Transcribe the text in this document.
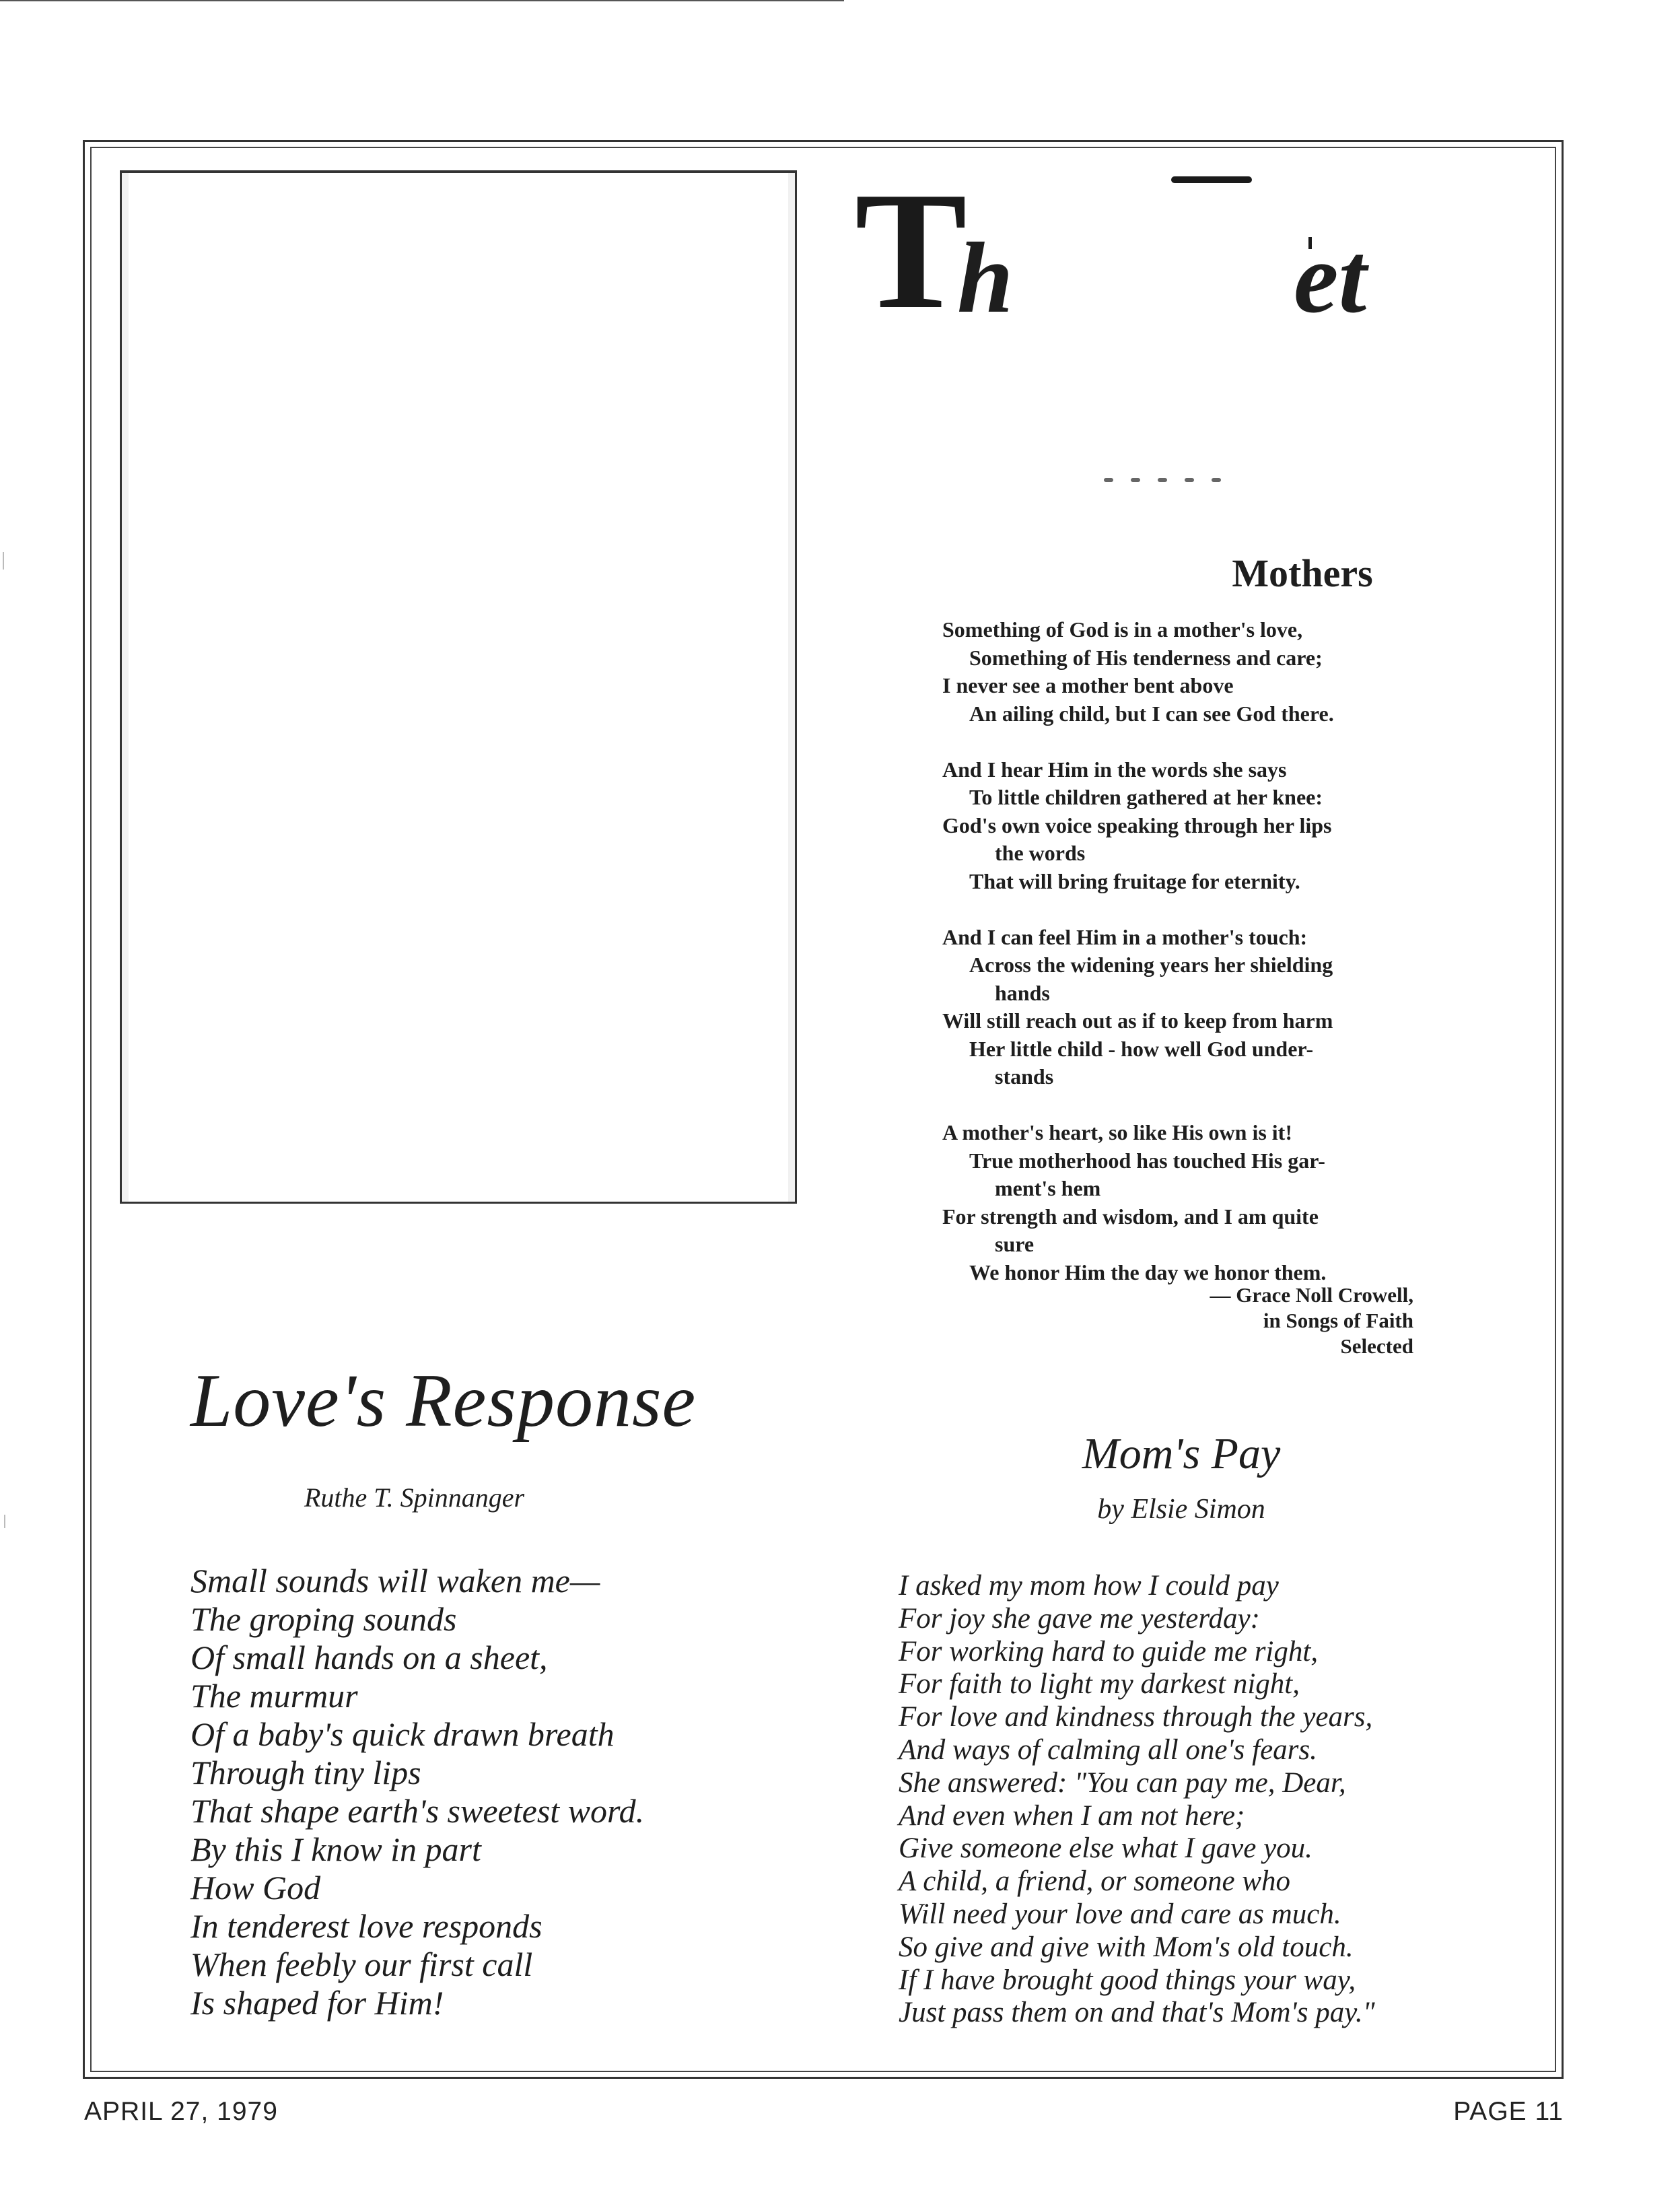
T
h	et
Mothers
Something of God is in a mother's love,
Something of His tenderness and care;
I never see a mother bent above
An ailing child, but I can see God there.
And I hear Him in the words she says
To little children gathered at her knee:
God's own voice speaking through her lips
the words
That will bring fruitage for eternity.
And I can feel Him in a mother's touch:
Across the widening years her shielding
hands
Will still reach out as if to keep from harm
Her little child - how well God under-
stands
A mother's heart, so like His own is it!
True motherhood has touched His gar-
ment's hem
For strength and wisdom, and I am quite
sure
We honor Him the day we honor them.
— Grace Noll Crowell,
in Songs of Faith
Selected
Love's Response
Ruthe T. Spinnanger
Small sounds will waken me—
The groping sounds
Of small hands on a sheet,
The murmur
Of a baby's quick drawn breath
Through tiny lips
That shape earth's sweetest word.
By this I know in part
How God
In tenderest love responds
When feebly our first call
Is shaped for Him!
Mom's Pay
by Elsie Simon
I asked my mom how I could pay
For joy she gave me yesterday:
For working hard to guide me right,
For faith to light my darkest night,
For love and kindness through the years,
And ways of calming all one's fears.
She answered: "You can pay me, Dear,
And even when I am not here;
Give someone else what I gave you.
A child, a friend, or someone who
Will need your love and care as much.
So give and give with Mom's old touch.
If I have brought good things your way,
Just pass them on and that's Mom's pay."
APRIL 27, 1979	PAGE 11
